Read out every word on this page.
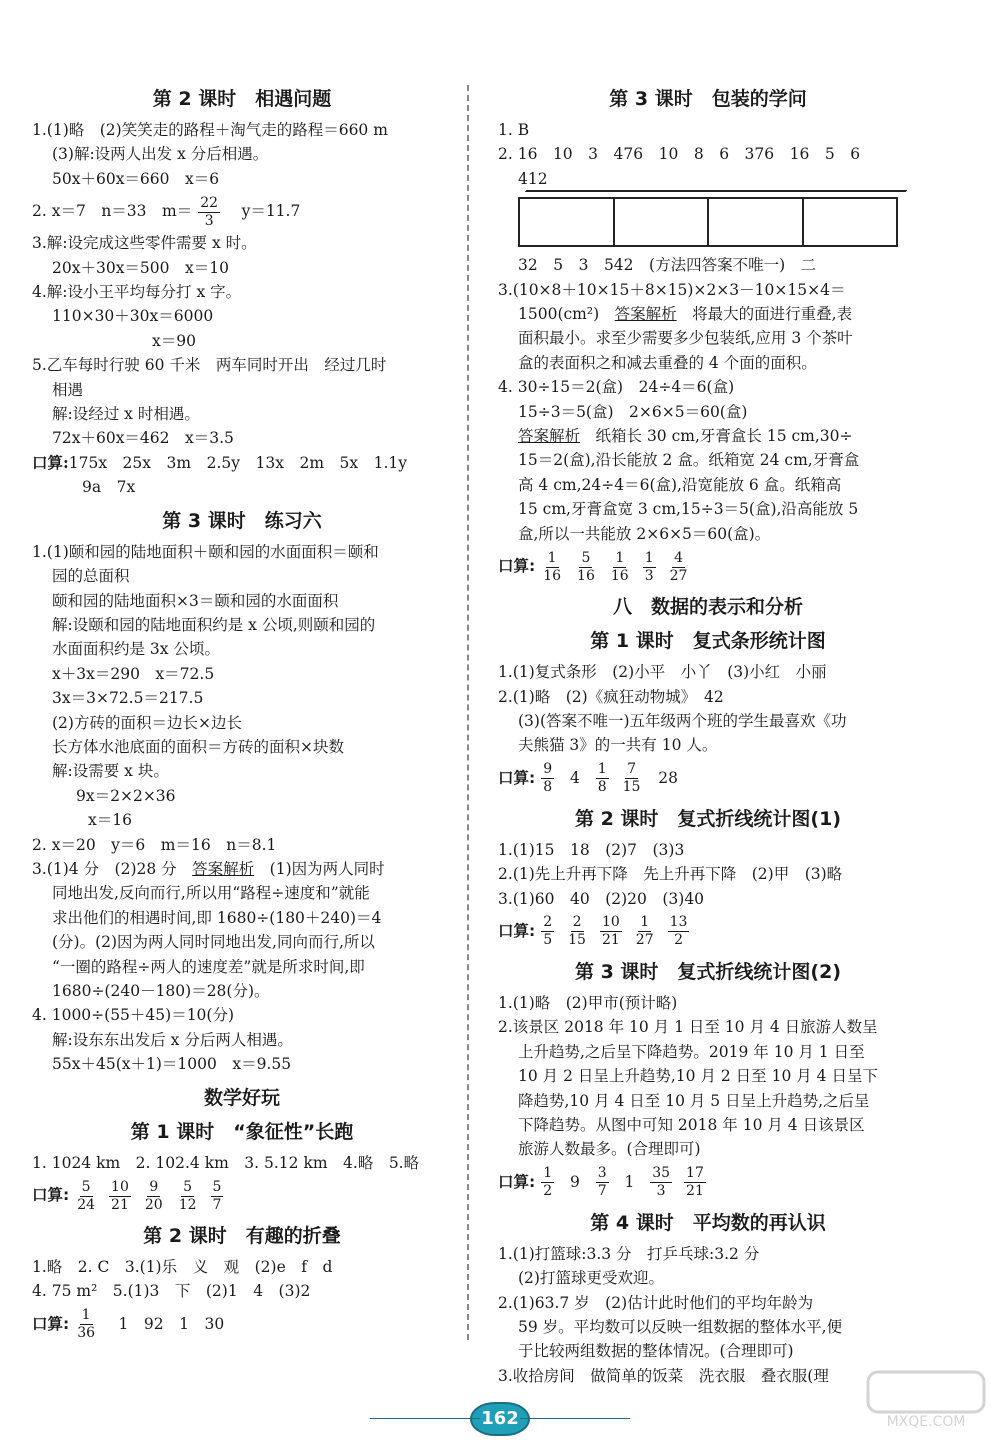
第 2 课时　相遇问题
1.(1)略　(2)笑笑走的路程＋淘气走的路程＝660 m
(3)解:设两人出发 x 分后相遇。
50x＋60x＝660　x＝6
2. x＝7　n＝33　$m= \frac{22}{3}$ 　y＝11.7
3.解:设完成这些零件需要 x 时。
20x＋30x＝500　x＝10
4.解:设小王平均每分打 x 字。
110×30＋30x＝6000
x＝90
5.乙车每时行驶 60 千米　两车同时开出　经过几时
相遇
解:设经过 x 时相遇。
72x＋60x＝462　x＝3.5
口算:175x　25x　3m　2.5y　13x　2m　5x　1.1y
9a　7x
第 3 课时　练习六
1.(1)颐和园的陆地面积＋颐和园的水面面积＝颐和
园的总面积
颐和园的陆地面积×3＝颐和园的水面面积
解:设颐和园的陆地面积约是 x 公顷,则颐和园的
水面面积约是 3x 公顷。
x＋3x＝290　x＝72.5
3x＝3×72.5＝217.5
(2)方砖的面积＝边长×边长
长方体水池底面的面积＝方砖的面积×块数
解:设需要 x 块。
9x＝2×2×36
x＝16
2. x＝20　y＝6　m＝16　n＝8.1
3.(1)4 分　(2)28 分　答案解析　(1)因为两人同时
同地出发,反向而行,所以用“路程÷速度和”就能
求出他们的相遇时间,即 1680÷(180＋240)＝4
(分)。(2)因为两人同时同地出发,同向而行,所以
“一圈的路程÷两人的速度差”就是所求时间,即
1680÷(240－180)＝28(分)。
4. 1000÷(55＋45)＝10(分)
解:设东东出发后 x 分后两人相遇。
55x＋45(x＋1)＝1000　x＝9.55
数学好玩
第 1 课时　“象征性”长跑
1. 1024 km　2. 102.4 km　3. 5.12 km　4.略　5.略
口算: $\frac{5}{24} \frac{10}{21} \frac{9}{20} \frac{5}{12} \frac{5}{7}$
第 2 课时　有趣的折叠
1.略　2. C　3.(1)乐　义　观　(2)e　f　d
4. 75 m²　5.(1)3　下　(2)1　4　(3)2
口算: $\frac{1}{36}$ 　1　92　1　30
第 3 课时　包装的学问
1. B
2. 16　10　3　476　10　8　6　376　16　5　6
412
32　5　3　542　(方法四答案不唯一)　二
3.(10×8＋10×15＋8×15)×2×3－10×15×4＝
1500(cm²)　答案解析　将最大的面进行重叠,表
面积最小。求至少需要多少包装纸,应用 3 个茶叶
盒的表面积之和减去重叠的 4 个面的面积。
4. 30÷15＝2(盒)　24÷4＝6(盒)
15÷3＝5(盒)　2×6×5＝60(盒)
答案解析　纸箱长 30 cm,牙膏盒长 15 cm,30÷
15＝2(盒),沿长能放 2 盒。纸箱宽 24 cm,牙膏盒
高 4 cm,24÷4＝6(盒),沿宽能放 6 盒。纸箱高
15 cm,牙膏盒宽 3 cm,15÷3＝5(盒),沿高能放 5
盒,所以一共能放 2×6×5＝60(盒)。
口算: $\frac{1}{16} \frac{5}{16} \frac{1}{16} \frac{1}{3} \frac{4}{27}$
八　数据的表示和分析
第 1 课时　复式条形统计图
1.(1)复式条形　(2)小平　小丫　(3)小红　小丽
2.(1)略　(2)《疯狂动物城》　42
(3)(答案不唯一)五年级两个班的学生最喜欢《功
夫熊猫 3》的一共有 10 人。
口算: $\frac{9}{8} 4 \frac{1}{8} \frac{7}{15} 28$
第 2 课时　复式折线统计图(1)
1.(1)15　18　(2)7　(3)3
2.(1)先上升再下降　先上升再下降　(2)甲　(3)略
3.(1)60　40　(2)20　(3)40
口算: $\frac{2}{5} \frac{2}{15} \frac{10}{21} \frac{1}{27} \frac{13}{2}$
第 3 课时　复式折线统计图(2)
1.(1)略　(2)甲市(预计略)
2.该景区 2018 年 10 月 1 日至 10 月 4 日旅游人数呈
上升趋势,之后呈下降趋势。2019 年 10 月 1 日至
10 月 2 日呈上升趋势,10 月 2 日至 10 月 4 日呈下
降趋势,10 月 4 日至 10 月 5 日呈上升趋势,之后呈
下降趋势。从图中可知 2018 年 10 月 4 日该景区
旅游人数最多。(合理即可)
口算: $\frac{1}{2} 9 \frac{3}{7} 1 \frac{35}{3} \frac{17}{21}$
第 4 课时　平均数的再认识
1.(1)打篮球:3.3 分　打乒乓球:3.2 分
(2)打篮球更受欢迎。
2.(1)63.7 岁　(2)估计此时他们的平均年龄为
59 岁。平均数可以反映一组数据的整体水平,便
于比较两组数据的整体情况。(合理即可)
3.收拾房间　做简单的饭菜　洗衣服　叠衣服(理
162	MXQE.COM
